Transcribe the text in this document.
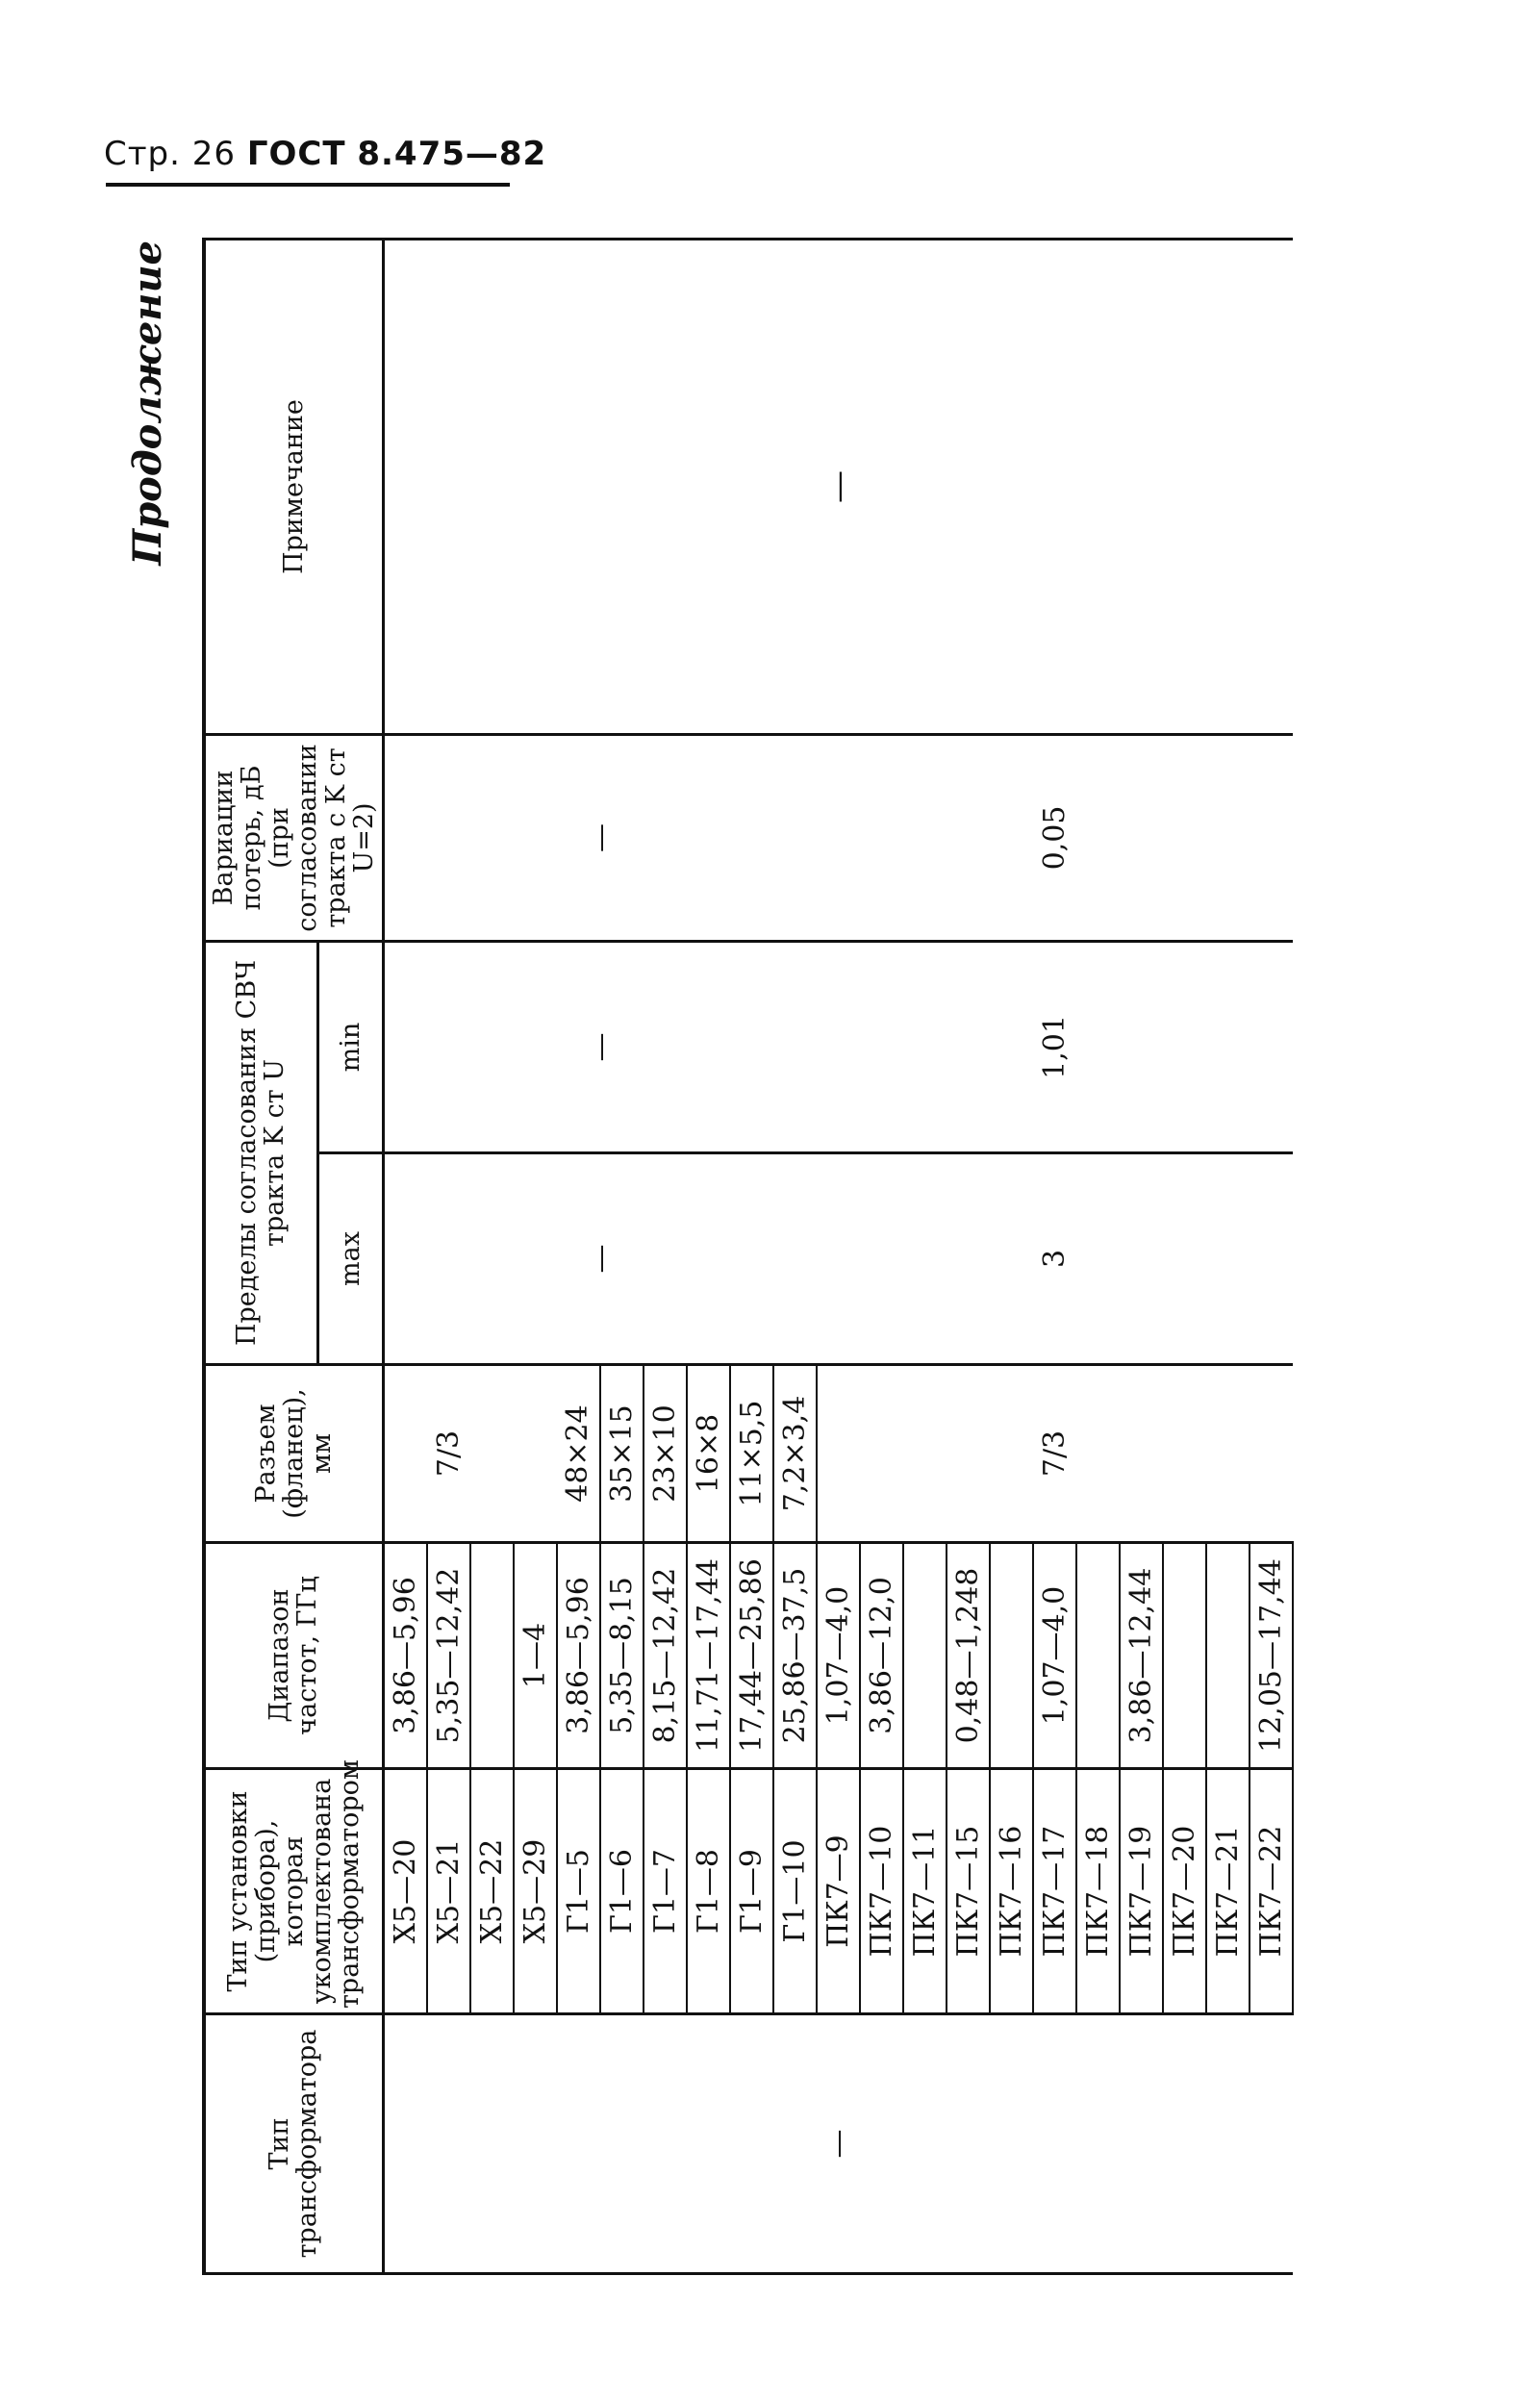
Стр. 26 ГОСТ 8.475—82
Продолжение
Тип трансформатора	Тип установки (прибора), которая укомплектована трансформатором	Диапазон частот, ГГц	Разъем (фланец), мм	Пределы согласования СВЧ тракта K ст U		Вариации потерь, дБ (при согласовании тракта с K ст U=2)	Примечание
				max	min		
—	Х5—20	3,86—5,96		—	—	—	—
	Х5—21	5,35—12,42	7/3				
	Х5—22						
	Х5—29	1—4					
	Г1—5	3,86—5,96	48×24				
	Г1—6	5,35—8,15	35×15				
	Г1—7	8,15—12,42	23×10				
	Г1—8	11,71—17,44	16×8				
	Г1—9	17,44—25,86	11×5,5				
	Г1—10	25,86—37,5	7,2×3,4				
	ПК7—9	1,07—4,0		3	1,01	0,05	
	ПК7—10	3,86—12,0					
	ПК7—11						
	ПК7—15	0,48—1,248					
	ПК7—16						
	ПК7—17	1,07—4,0	7/3				
	ПК7—18						
	ПК7—19	3,86—12,44					
	ПК7—20						
	ПК7—21						
	ПК7—22	12,05—17,44					
